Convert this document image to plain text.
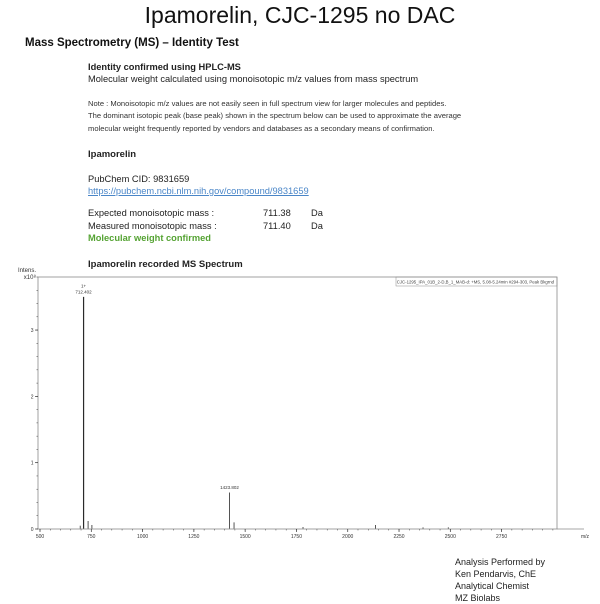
Ipamorelin, CJC-1295 no DAC
Mass Spectrometry (MS) – Identity Test
Identity confirmed using HPLC-MS
Molecular weight calculated using monoisotopic m/z values from mass spectrum
Note : Monoisotopic m/z values are not easily seen in full spectrum view for larger molecules and peptides.
The dominant isotopic peak (base peak) shown in the spectrum below can be used to approximate the average
molecular weight frequently reported by vendors and databases as a secondary means of confirmation.
Ipamorelin
PubChem CID: 9831659
https://pubchem.ncbi.nlm.nih.gov/compound/9831659
Expected monoisotopic mass :	711.38 Da
Measured monoisotopic mass :	711.40 Da
Molecular weight confirmed
Ipamorelin recorded MS Spectrum
CJC-1295_IPA_01B_2-D,B_1_MAB-d: +MS, 5.08-5.24min #294-303, Peak Bkgrnd
Intens.
x10⁸
0
1
2
3
500	750	1000	1250	1500	1750	2000	2250	2500	2750	m/z
1+
712.402
1423.802
Analysis Performed by
Ken Pendarvis, ChE
Analytical Chemist
MZ Biolabs
